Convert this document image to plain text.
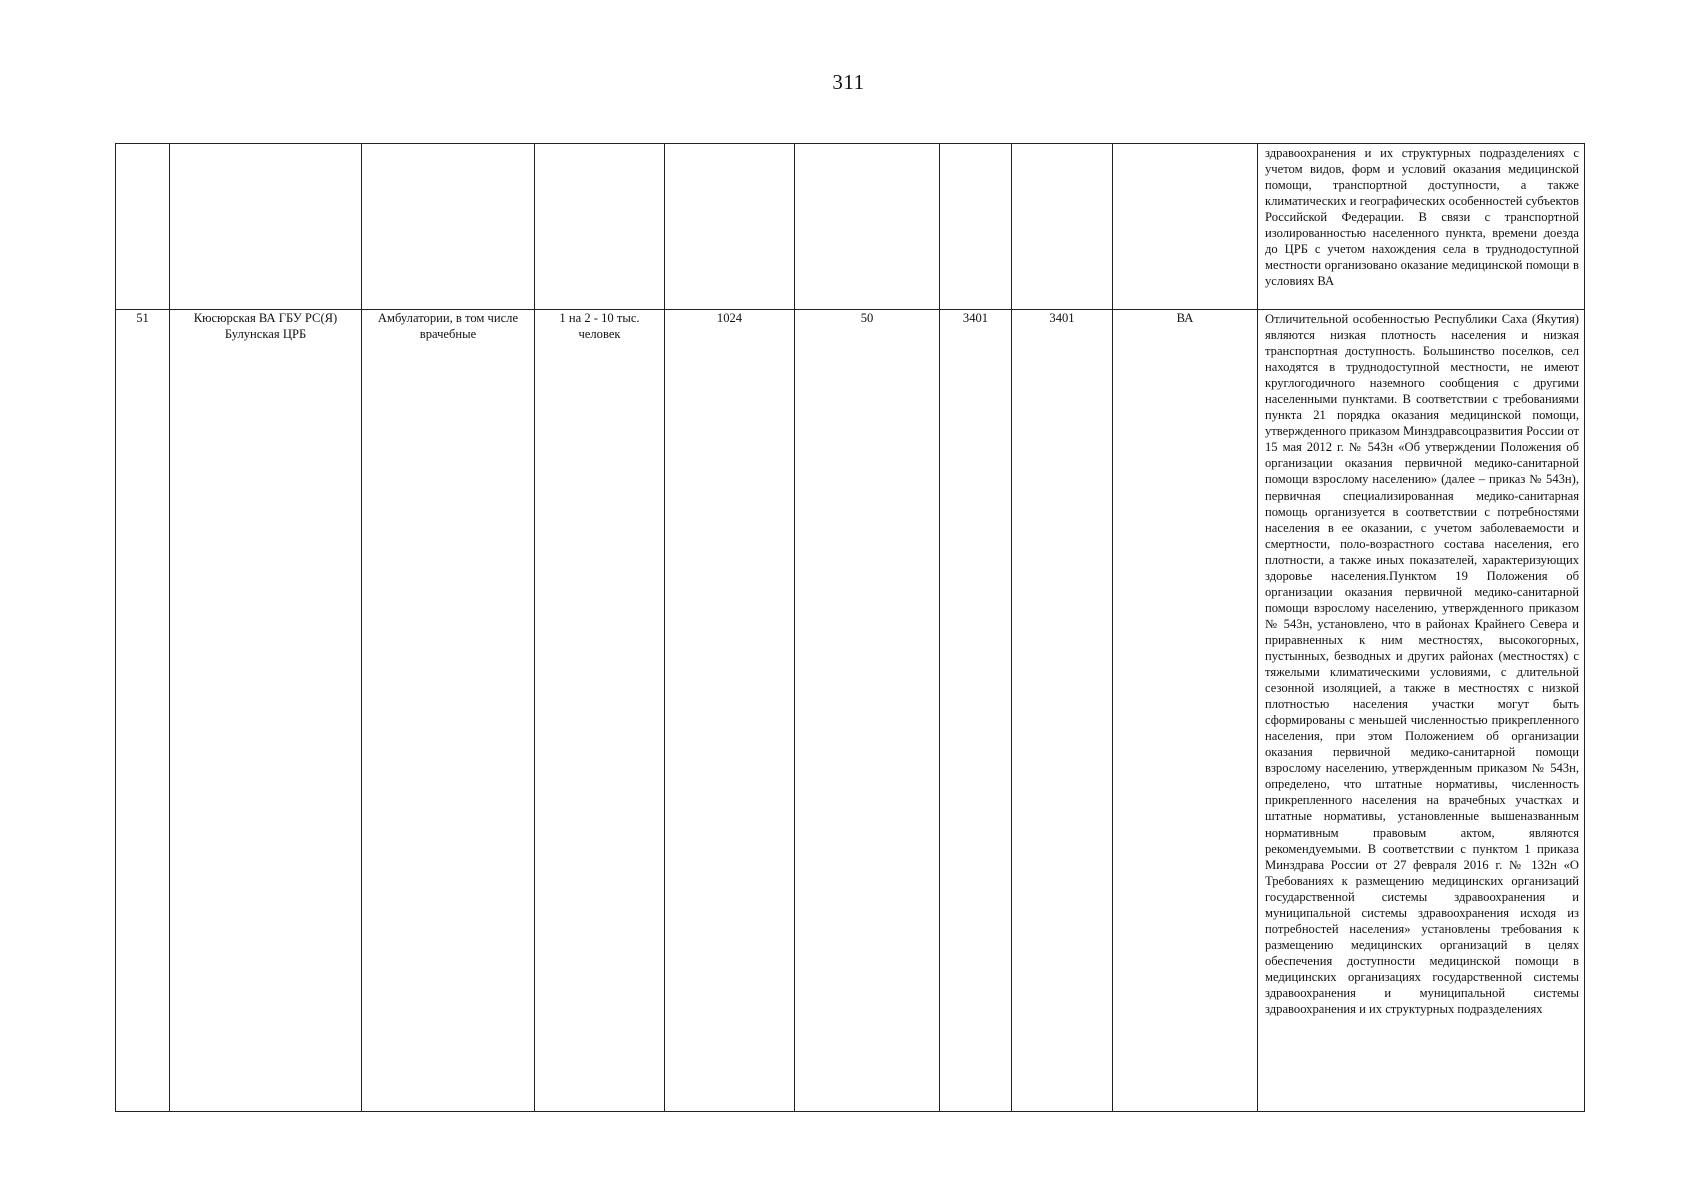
311
									здравоохранения и их структурных подразделениях с учетом видов, форм и условий оказания медицинской помощи, транспортной доступности, а также климатических и географических особенностей субъектов Российской Федерации. В связи с транспортной изолированностью населенного пункта, времени доезда до ЦРБ с учетом нахождения села в труднодоступной местности организовано оказание медицинской помощи в условиях ВА
51	Кюсюрская ВА ГБУ РС(Я) Булунская ЦРБ	Амбулатории, в том числе врачебные	1 на 2 - 10 тыс. человек	1024	50	3401	3401	ВА	Отличительной особенностью Республики Саха (Якутия) являются низкая плотность населения и низкая транспортная доступность. Большинство поселков, сел находятся в труднодоступной местности, не имеют круглогодичного наземного сообщения с другими населенными пунктами. В соответствии с требованиями пункта 21 порядка оказания медицинской помощи, утвержденного приказом Минздравсоцразвития России от 15 мая 2012 г. № 543н «Об утверждении Положения об организации оказания первичной медико-санитарной помощи взрослому населению» (далее – приказ № 543н), первичная специализированная медико-санитарная помощь организуется в соответствии с потребностями населения в ее оказании, с учетом заболеваемости и смертности, поло-возрастного состава населения, его плотности, а также иных показателей, характеризующих здоровье населения.Пунктом 19 Положения об организации оказания первичной медико-санитарной помощи взрослому населению, утвержденного приказом № 543н, установлено, что в районах Крайнего Севера и приравненных к ним местностях, высокогорных, пустынных, безводных и других районах (местностях) с тяжелыми климатическими условиями, с длительной сезонной изоляцией, а также в местностях с низкой плотностью населения участки могут быть сформированы с меньшей численностью прикрепленного населения, при этом Положением об организации оказания первичной медико-санитарной помощи взрослому населению, утвержденным приказом № 543н, определено, что штатные нормативы, численность прикрепленного населения на врачебных участках и штатные нормативы, установленные вышеназванным нормативным правовым актом, являются рекомендуемыми. В соответствии с пунктом 1 приказа Минздрава России от 27 февраля 2016 г. № 132н «О Требованиях к размещению медицинских организаций государственной системы здравоохранения и муниципальной системы здравоохранения исходя из потребностей населения» установлены требования к размещению медицинских организаций в целях обеспечения доступности медицинской помощи в медицинских организациях государственной системы здравоохранения и муниципальной системы здравоохранения и их структурных подразделениях
